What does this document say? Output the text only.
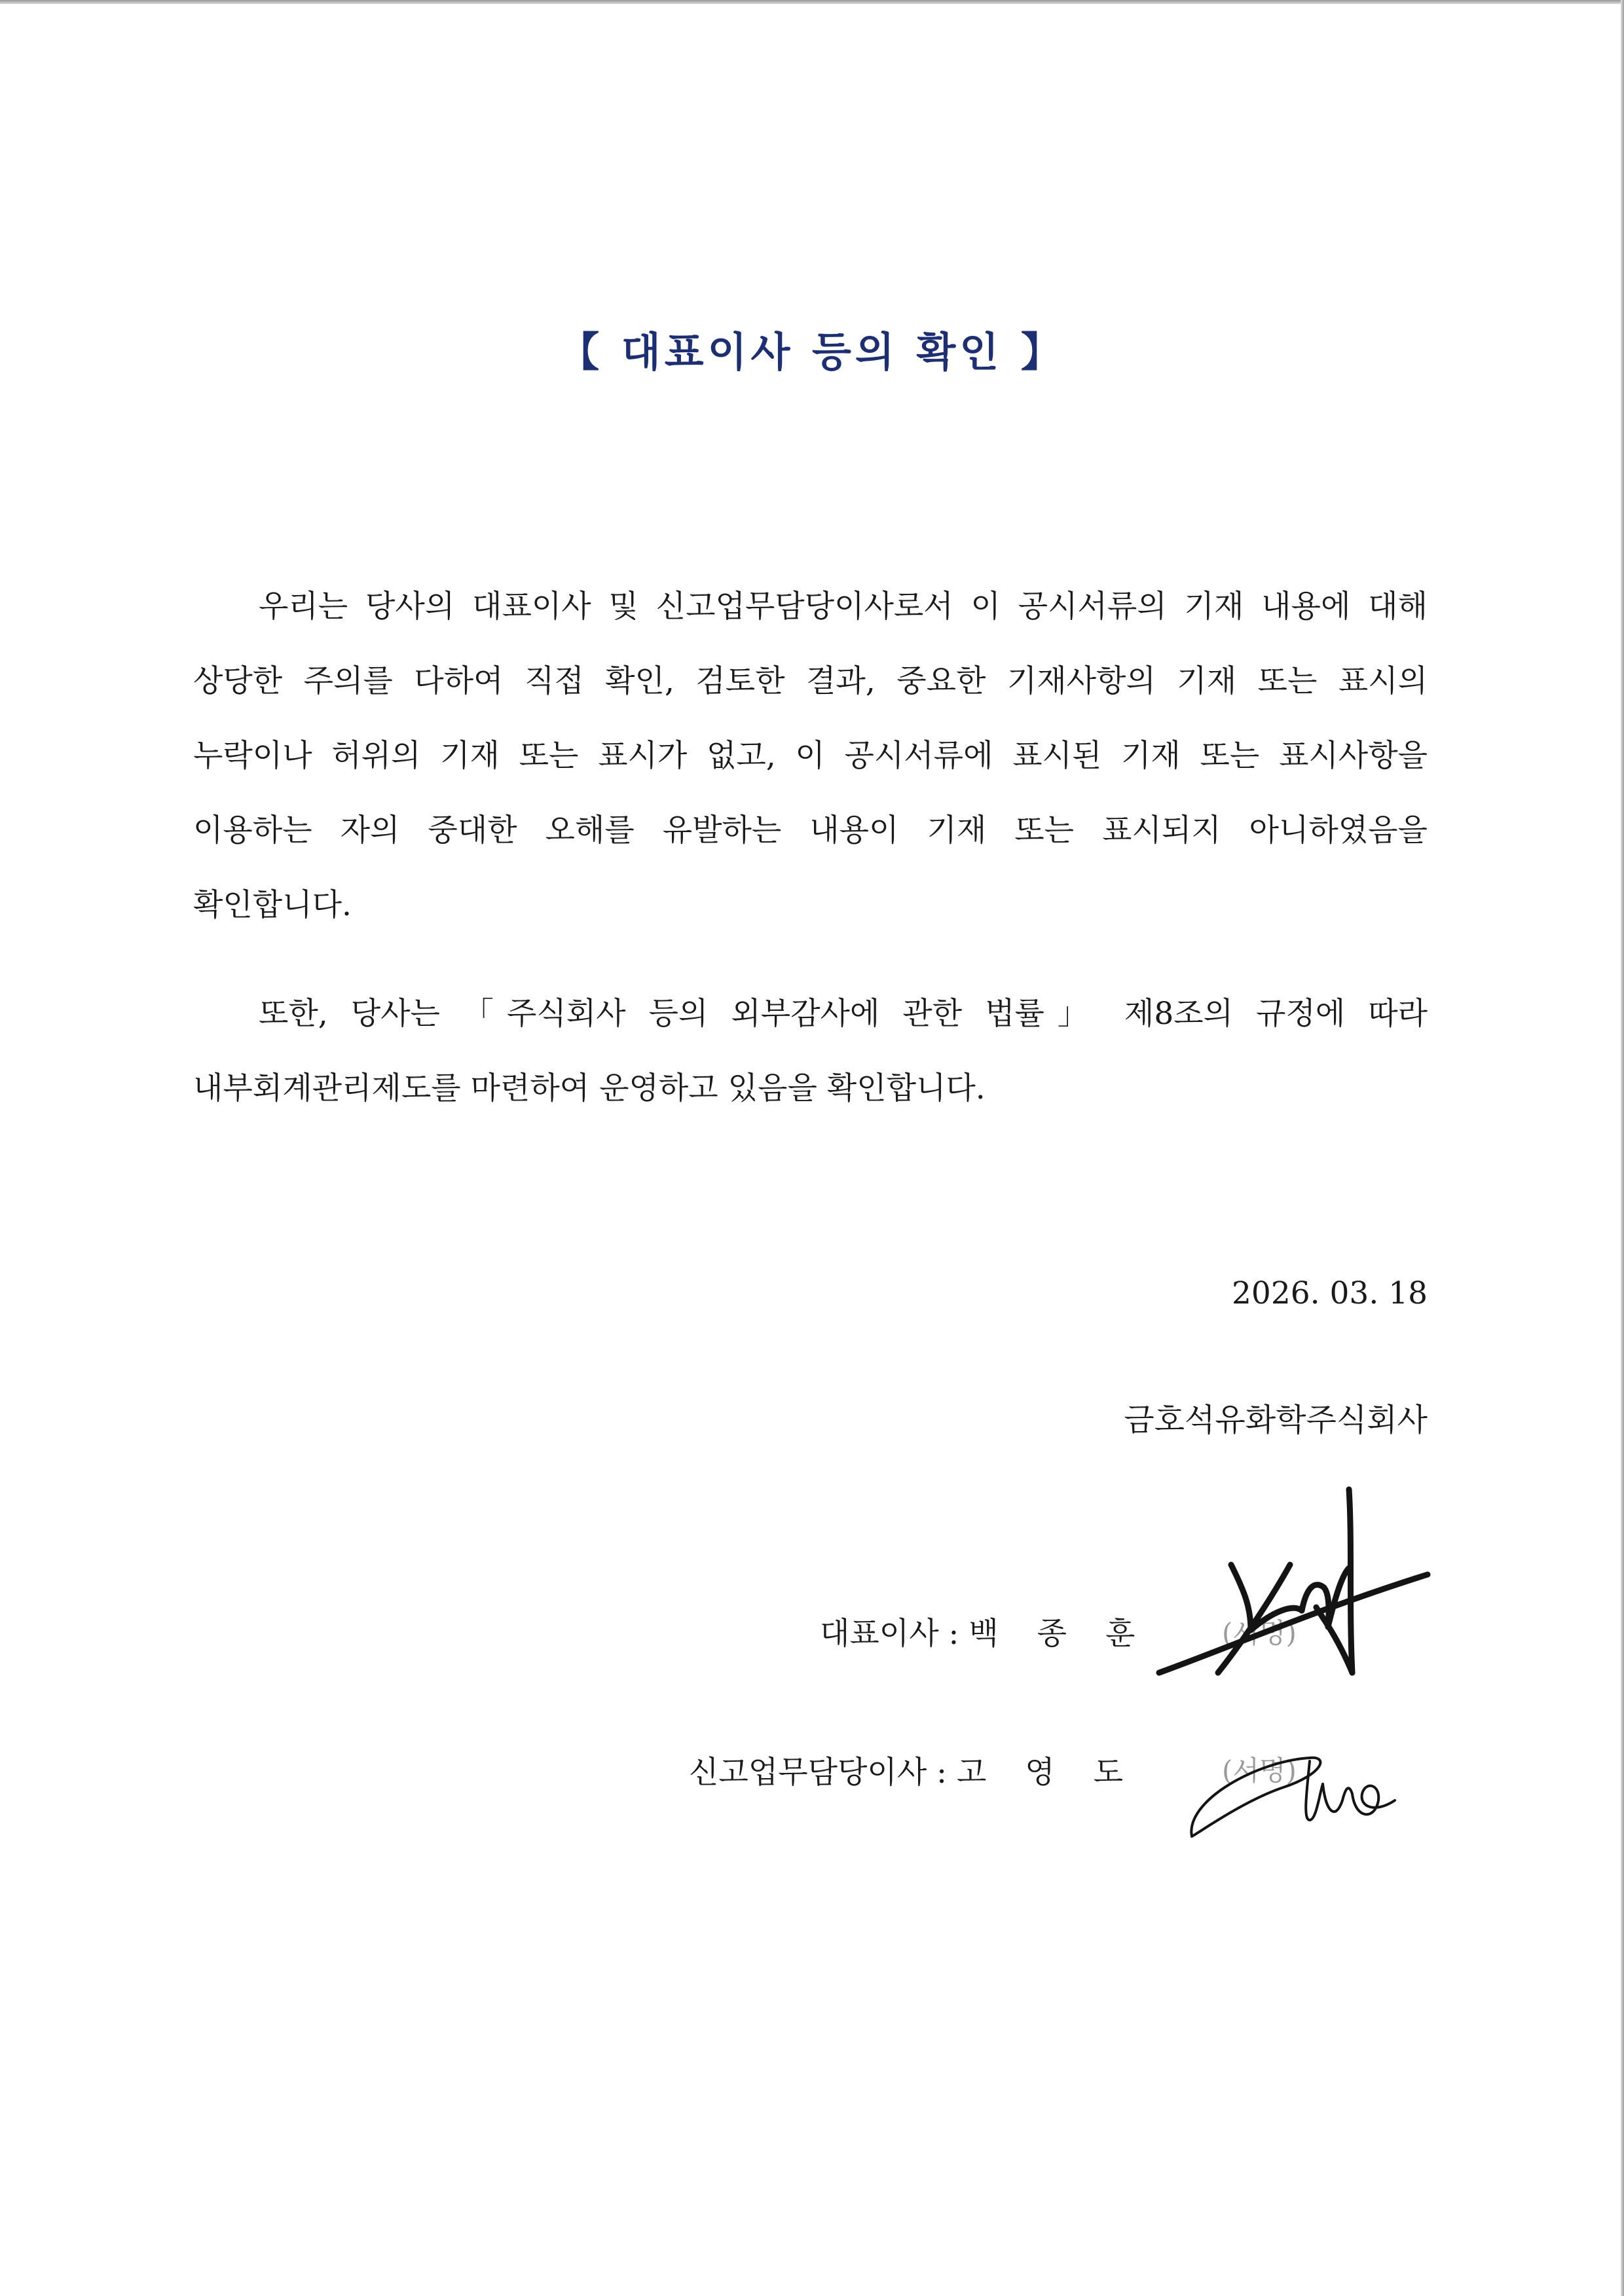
【 대표이사 등의 확인 】

우리는 당사의 대표이사 및 신고업무담당이사로서 이 공시서류의 기재 내용에 대해 상당한 주의를 다하여 직접 확인, 검토한 결과, 중요한 기재사항의 기재 또는 표시의 누락이나 허위의 기재 또는 표시가 없고, 이 공시서류에 표시된 기재 또는 표시사항을 이용하는 자의 중대한 오해를 유발하는 내용이 기재 또는 표시되지 아니하였음을 확인합니다.

또한, 당사는 「주식회사 등의 외부감사에 관한 법률」 제8조의 규정에 따라 내부회계관리제도를 마련하여 운영하고 있음을 확인합니다.

2026. 03. 18
금호석유화학주식회사
대표이사 : 백 종 훈	(서명)
신고업무담당이사 : 고 영 도	(서명)
